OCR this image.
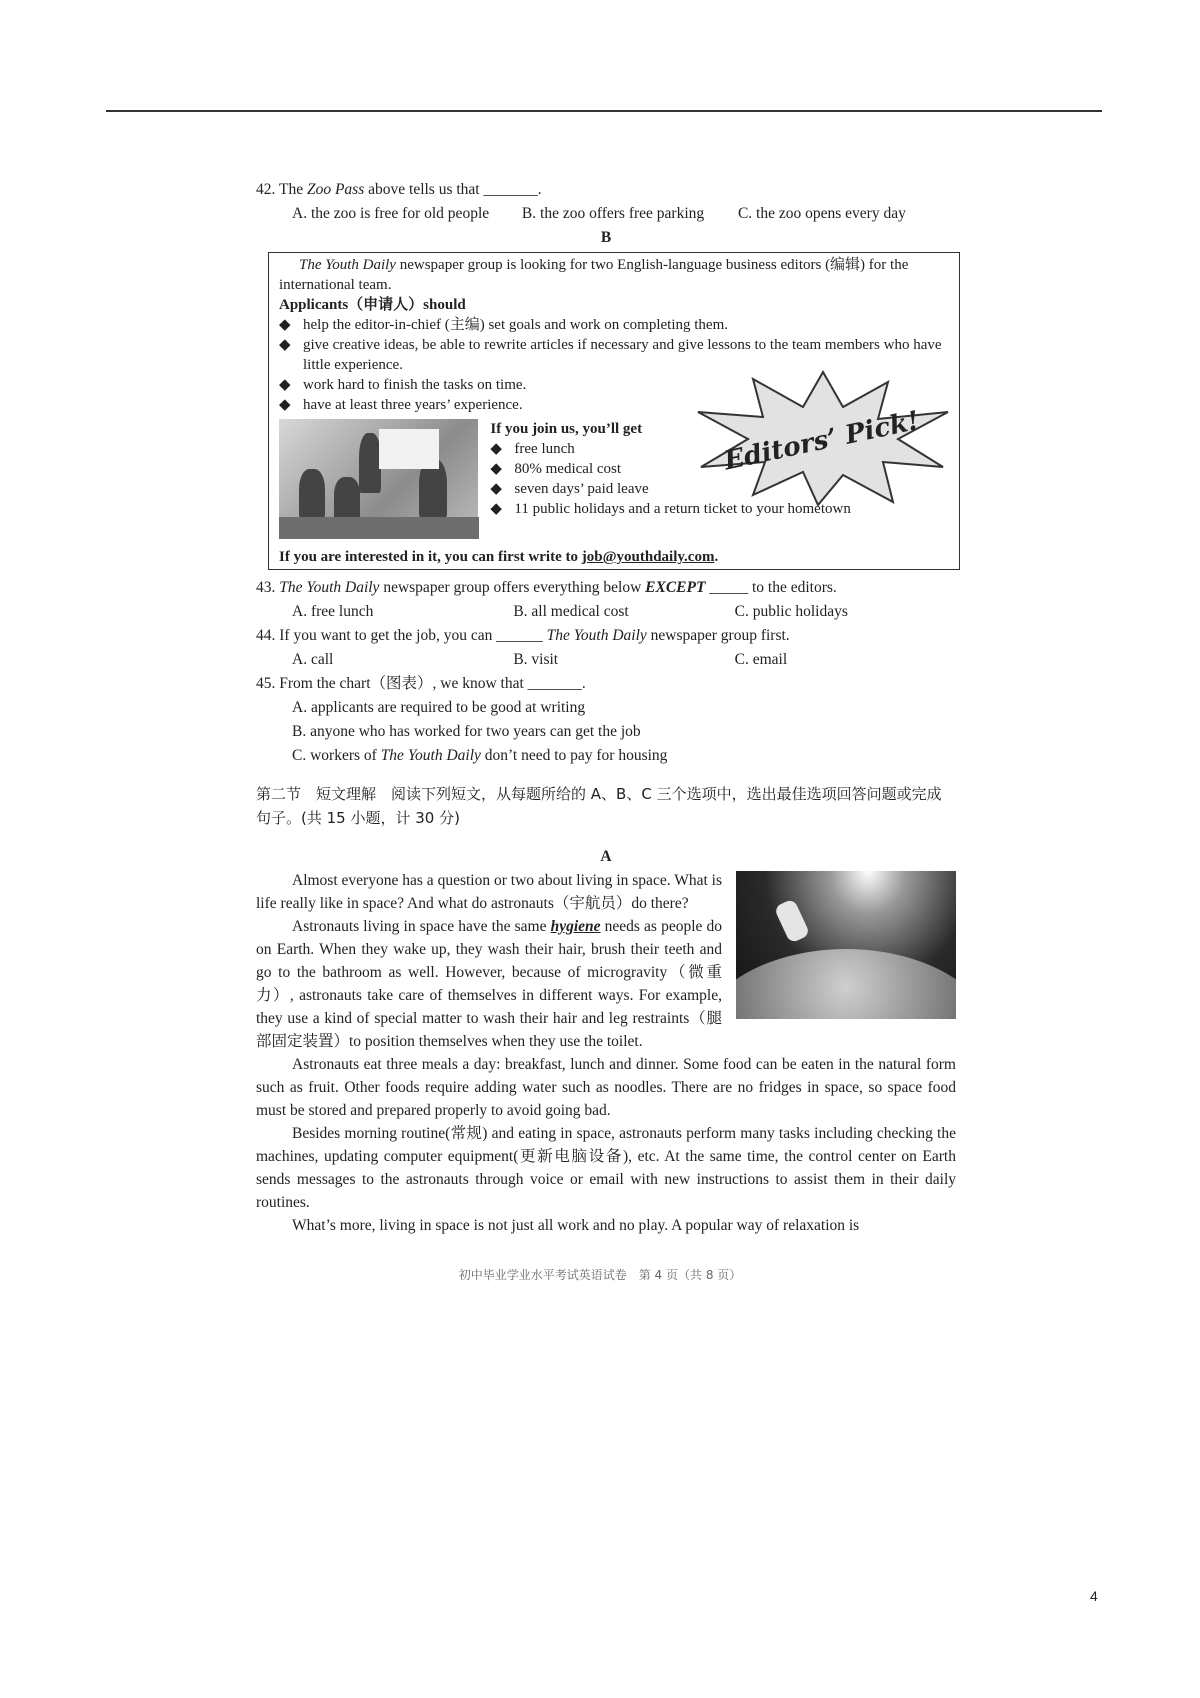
42. The Zoo Pass above tells us that _______.

A. the zoo is free for old people	B. the zoo offers free parking	C. the zoo opens every day

B

The Youth Daily newspaper group is looking for two English-language business editors (编辑) for the international team.

Applicants（申请人）should

◆ help the editor-in-chief (主编) set goals and work on completing them.
◆ give creative ideas, be able to rewrite articles if necessary and give lessons to the team members who have little experience.
◆ work hard to finish the tasks on time.
◆ have at least three years’ experience.

If you join us, you’ll get

◆ free lunch
◆ 80% medical cost
◆ seven days’ paid leave
◆ 11 public holidays and a return ticket to your hometown
Editors’ Pick!

If you are interested in it, you can first write to job@youthdaily.com.

43. The Youth Daily newspaper group offers everything below EXCEPT _____ to the editors.

A. free lunch	B. all medical cost	C. public holidays

44. If you want to get the job, you can ______ The Youth Daily newspaper group first.

A. call	B. visit	C. email

45. From the chart（图表）, we know that _______.

A. applicants are required to be good at writing
B. anyone who has worked for two years can get the job
C. workers of The Youth Daily don’t need to pay for housing

第二节　短文理解　阅读下列短文，从每题所给的 A、B、C 三个选项中，选出最佳选项回答问题或完成句子。(共 15 小题，计 30 分)

A

Almost everyone has a question or two about living in space. What is life really like in space? And what do astronauts（宇航员）do there?

Astronauts living in space have the same hygiene needs as people do on Earth. When they wake up, they wash their hair, brush their teeth and go to the bathroom as well. However, because of microgravity（微重力）, astronauts take care of themselves in different ways. For example, they use a kind of special matter to wash their hair and leg restraints（腿部固定装置）to position themselves when they use the toilet.

Astronauts eat three meals a day: breakfast, lunch and dinner. Some food can be eaten in the natural form such as fruit. Other foods require adding water such as noodles. There are no fridges in space, so space food must be stored and prepared properly to avoid going bad.

Besides morning routine(常规) and eating in space, astronauts perform many tasks including checking the machines, updating computer equipment(更新电脑设备), etc. At the same time, the control center on Earth sends messages to the astronauts through voice or email with new instructions to assist them in their daily routines.

What’s more, living in space is not just all work and no play. A popular way of relaxation is

初中毕业学业水平考试英语试卷　第 4 页（共 8 页）
4
